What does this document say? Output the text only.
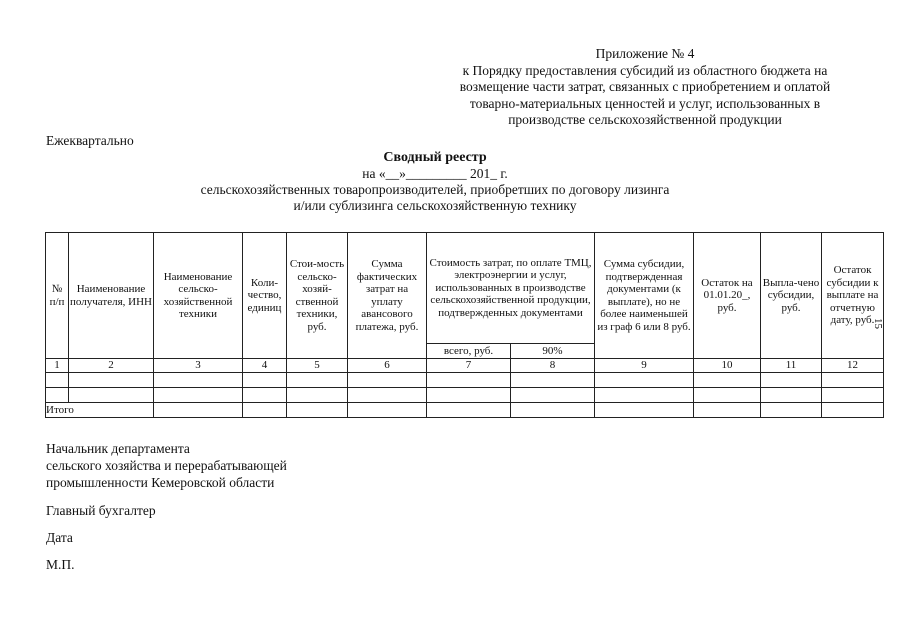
Приложение № 4
к Порядку предоставления субсидий из областного бюджета на
возмещение части затрат, связанных с приобретением и оплатой
товарно-материальных ценностей и услуг, использованных в
производстве сельскохозяйственной продукции
Ежеквартально
Сводный реестр
на «__»_________ 201_ г.
сельскохозяйственных товаропроизводителей, приобретших по договору лизинга
и/или сублизинга сельскохозяйственную технику
15
№ п/п	Наименование получателя, ИНН	Наименование сельско-хозяйственной техники	Коли-чество, единиц	Стои-мость сельско-хозяй-ственной техники, руб.	Сумма фактических затрат на уплату авансового платежа, руб.	Стоимость затрат, по оплате ТМЦ, электроэнергии и услуг, использованных в производстве сельскохозяйственной продукции, подтвержденных документами		Сумма субсидии, подтвержденная документами (к выплате), но не более наименьшей из граф 6 или 8 руб.	Остаток на 01.01.20_, руб.	Выпла-чено субсидии, руб.	Остаток субсидии к выплате на отчетную дату, руб.
						всего, руб.	90%				
1	2	3	4	5	6	7	8	9	10	11	12

Итого											
Начальник департамента
сельского хозяйства и перерабатывающей
промышленности Кемеровской области
Главный бухгалтер
Дата
М.П.
